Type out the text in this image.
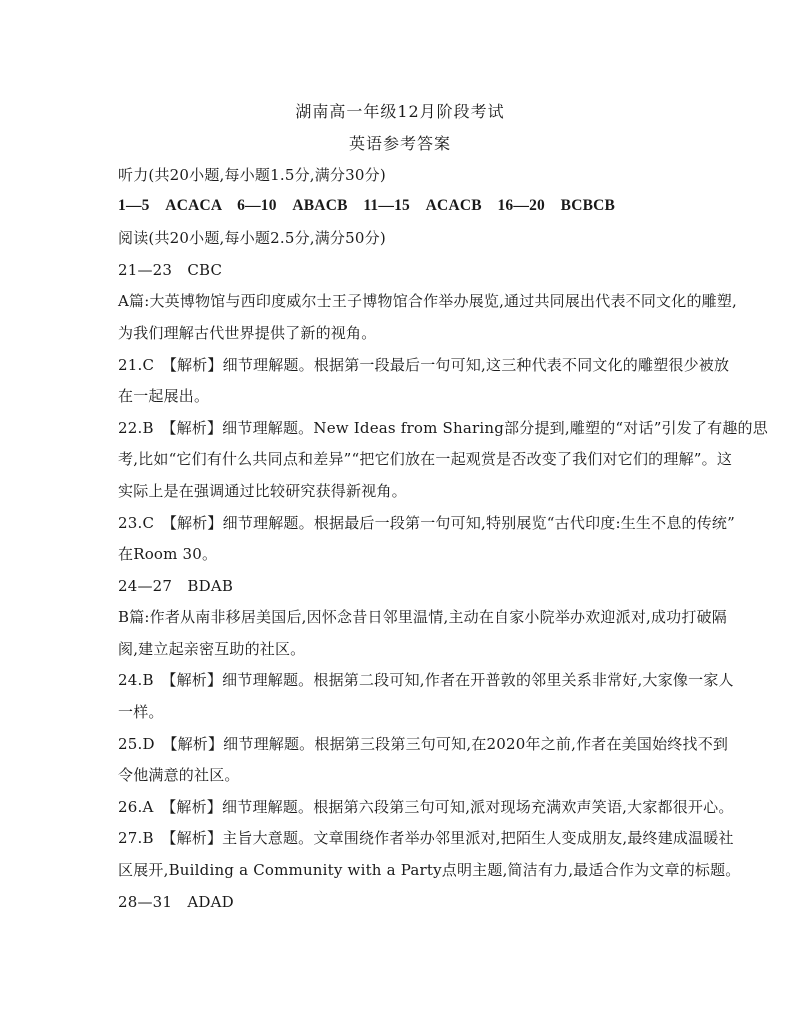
湖南高一年级12月阶段考试
英语参考答案
听力(共20小题,每小题1.5分,满分30分)
1—5　ACACA　6—10　ABACB　11—15　ACACB　16—20　BCBCB
阅读(共20小题,每小题2.5分,满分50分)
21—23　CBC
A篇:大英博物馆与西印度威尔士王子博物馆合作举办展览,通过共同展出代表不同文化的雕塑,
为我们理解古代世界提供了新的视角。
21.C　【解析】细节理解题。根据第一段最后一句可知,这三种代表不同文化的雕塑很少被放
在一起展出。
22.B　【解析】细节理解题。New Ideas from Sharing部分提到,雕塑的“对话”引发了有趣的思
考,比如“它们有什么共同点和差异”“把它们放在一起观赏是否改变了我们对它们的理解”。这
实际上是在强调通过比较研究获得新视角。
23.C　【解析】细节理解题。根据最后一段第一句可知,特别展览“古代印度:生生不息的传统”
在Room 30。
24—27　BDAB
B篇:作者从南非移居美国后,因怀念昔日邻里温情,主动在自家小院举办欢迎派对,成功打破隔
阂,建立起亲密互助的社区。
24.B　【解析】细节理解题。根据第二段可知,作者在开普敦的邻里关系非常好,大家像一家人
一样。
25.D　【解析】细节理解题。根据第三段第三句可知,在2020年之前,作者在美国始终找不到
令他满意的社区。
26.A　【解析】细节理解题。根据第六段第三句可知,派对现场充满欢声笑语,大家都很开心。
27.B　【解析】主旨大意题。文章围绕作者举办邻里派对,把陌生人变成朋友,最终建成温暖社
区展开,Building a Community with a Party点明主题,简洁有力,最适合作为文章的标题。
28—31　ADAD
